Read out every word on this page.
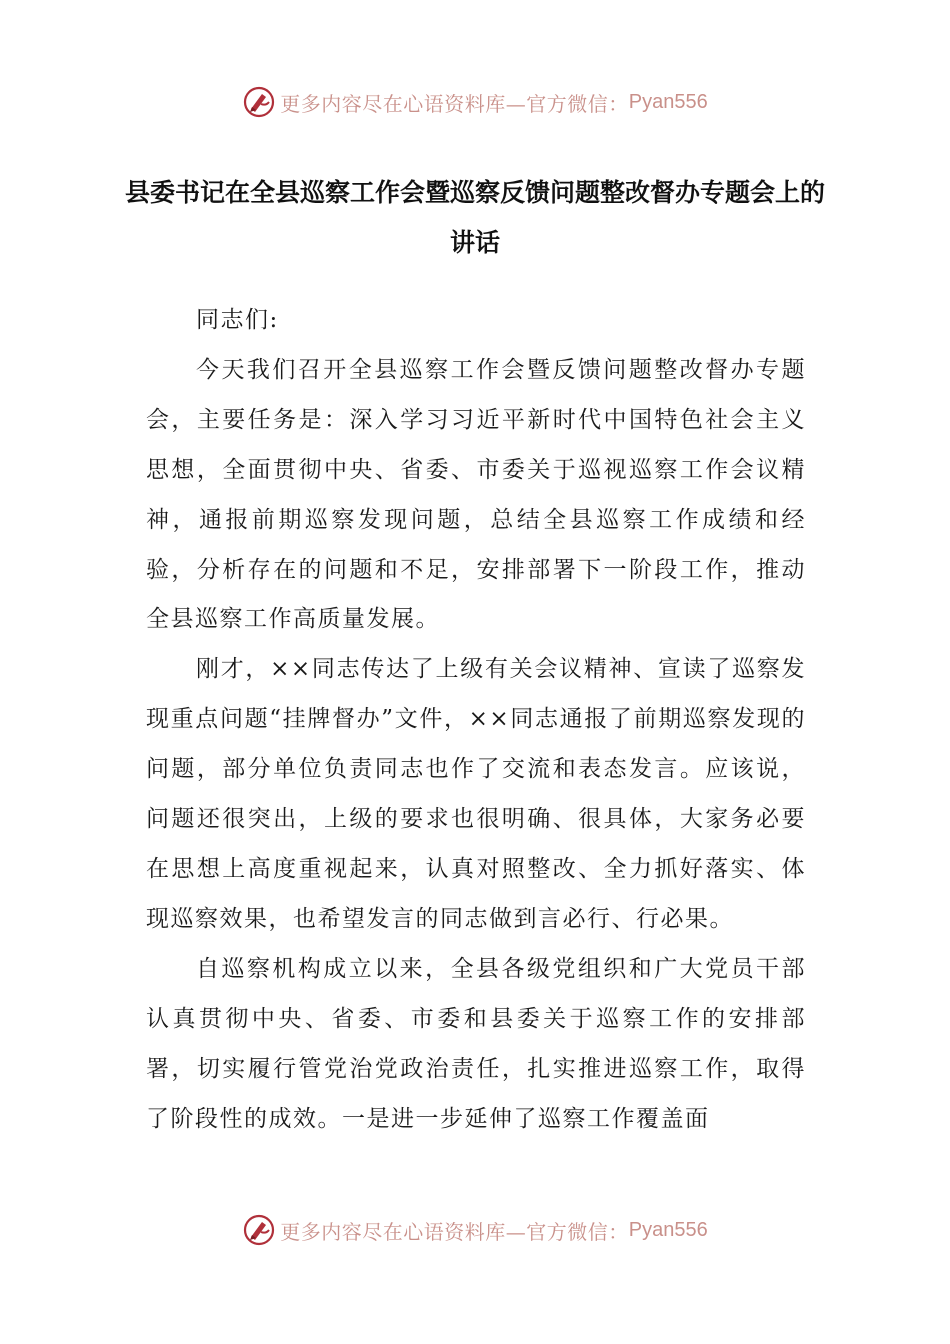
更多内容尽在心语资料库—官方微信： Pyan556
县委书记在全县巡察工作会暨巡察反馈问题整改督办专题会上的讲话

同志们:

今天我们召开全县巡察工作会暨反馈问题整改督办专题会，主要任务是：深入学习习近平新时代中国特色社会主义思想，全面贯彻中央、省委、市委关于巡视巡察工作会议精神，通报前期巡察发现问题，总结全县巡察工作成绩和经验，分析存在的问题和不足，安排部署下一阶段工作，推动全县巡察工作高质量发展。

刚才，××同志传达了上级有关会议精神、宣读了巡察发现重点问题“挂牌督办”文件，××同志通报了前期巡察发现的问题，部分单位负责同志也作了交流和表态发言。应该说，问题还很突出，上级的要求也很明确、很具体，大家务必要在思想上高度重视起来，认真对照整改、全力抓好落实、体现巡察效果，也希望发言的同志做到言必行、行必果。

自巡察机构成立以来，全县各级党组织和广大党员干部认真贯彻中央、省委、市委和县委关于巡察工作的安排部署，切实履行管党治党政治责任，扎实推进巡察工作，取得了阶段性的成效。一是进一步延伸了巡察工作覆盖面

更多内容尽在心语资料库—官方微信： Pyan556
